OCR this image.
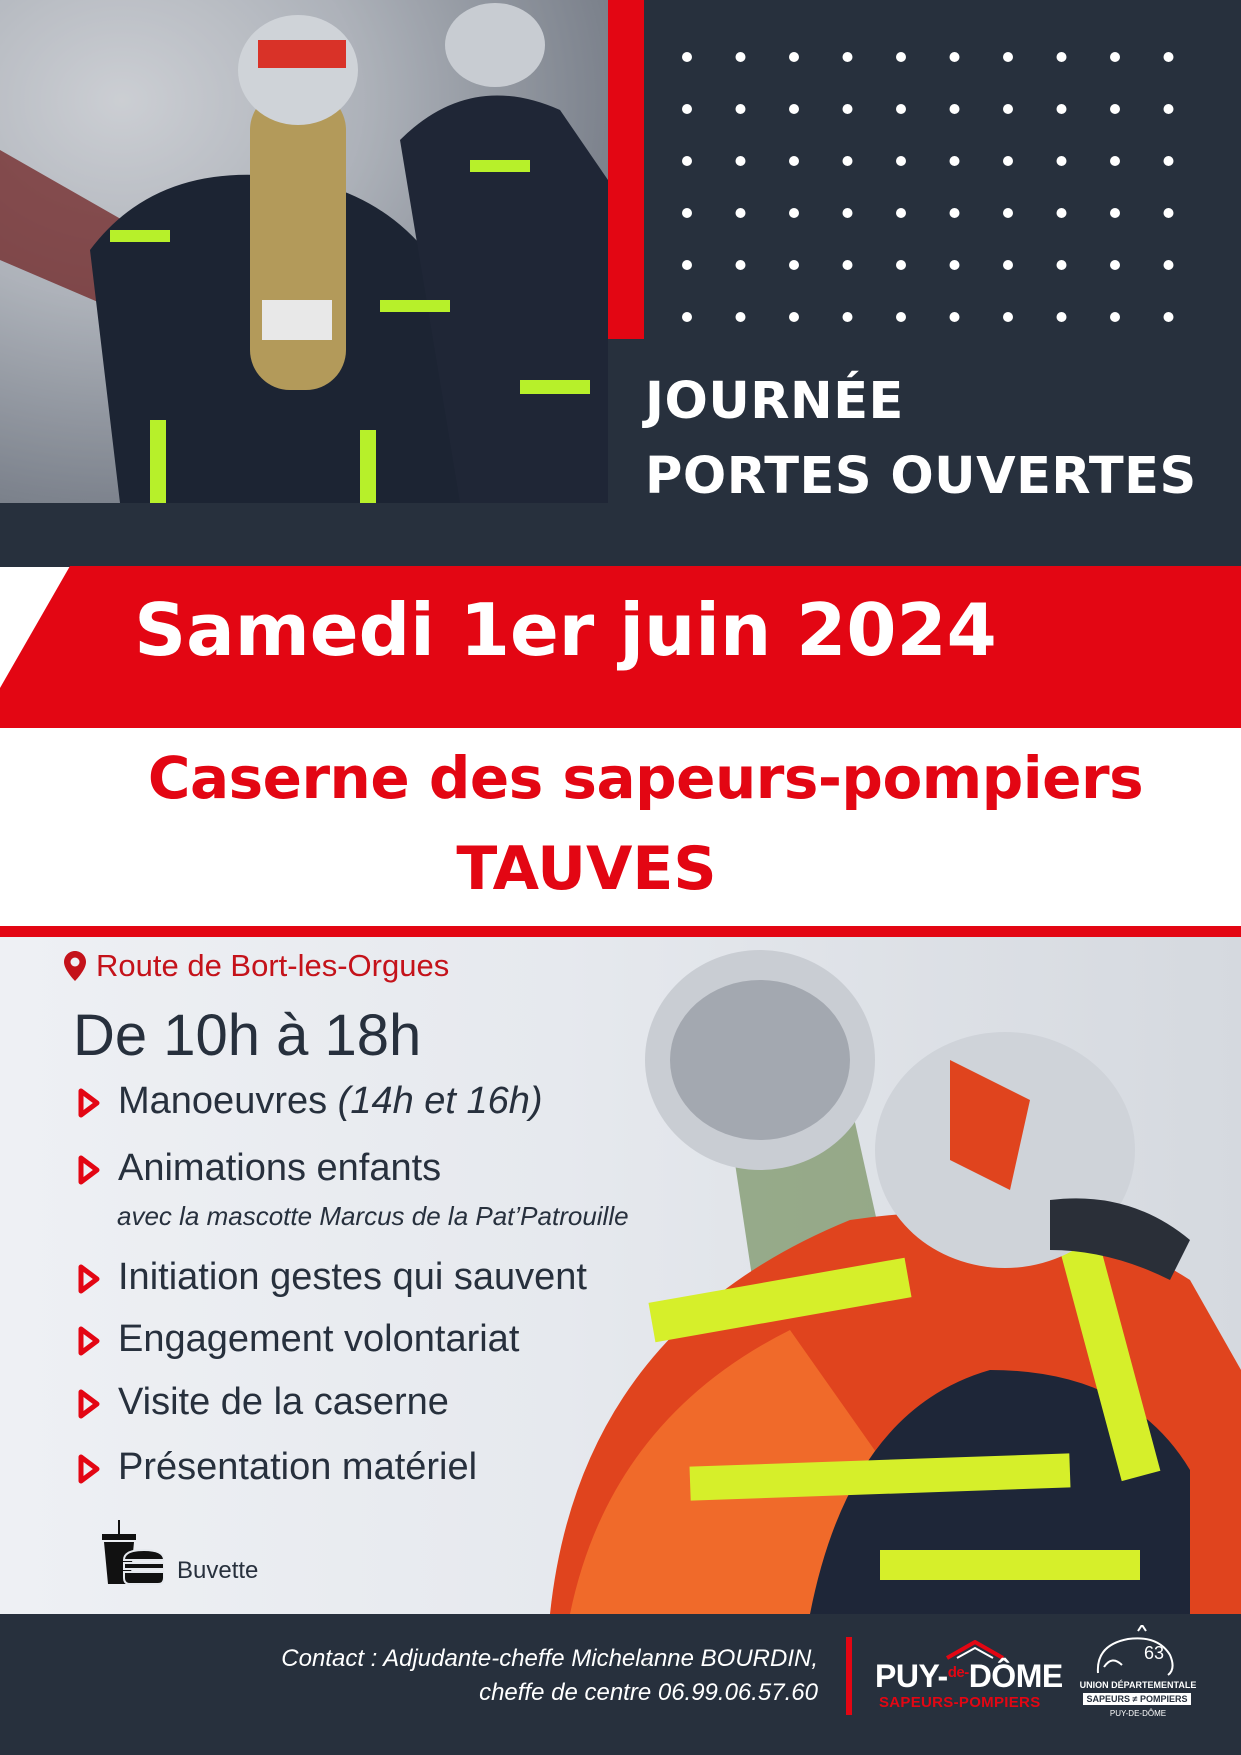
JOURNÉE
PORTES OUVERTES
Samedi 1er juin 2024
Caserne des sapeurs-pompiers
TAUVES
Route de Bort-les-Orgues
De 10h à 18h
Manoeuvres (14h et 16h)
Animations enfants
avec la mascotte Marcus de la Pat’Patrouille
Initiation gestes qui sauvent
Engagement volontariat
Visite de la caserne
Présentation matériel
Buvette
Contact : Adjudante-cheffe Michelanne BOURDIN,
cheffe de centre 06.99.06.57.60 PUY-$^{de-}$DÔME
SAPEURS-POMPIERS
63
UNION DÉPARTEMENTALE
SAPEURS ≠ POMPIERS
PUY-DE-DÔME
